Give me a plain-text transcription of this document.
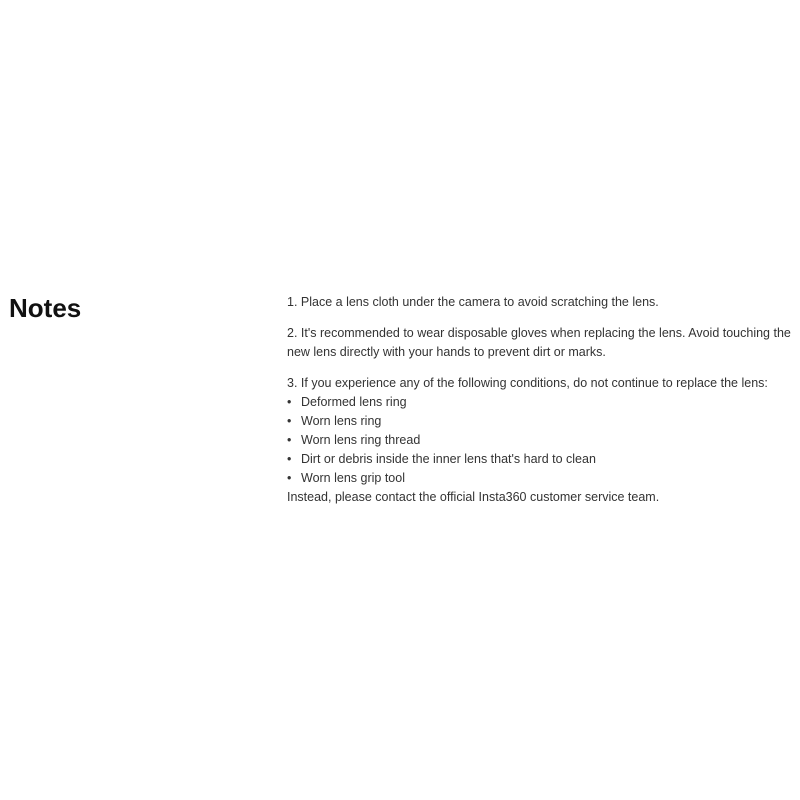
Notes	1. Place a lens cloth under the camera to avoid scratching the lens.

2. It's recommended to wear disposable gloves when replacing the lens. Avoid touching the new lens directly with your hands to prevent dirt or marks.

3. If you experience any of the following conditions, do not continue to replace the lens:

• Deformed lens ring
• Worn lens ring
• Worn lens ring thread
• Dirt or debris inside the inner lens that's hard to clean
• Worn lens grip tool

Instead, please contact the official Insta360 customer service team.
